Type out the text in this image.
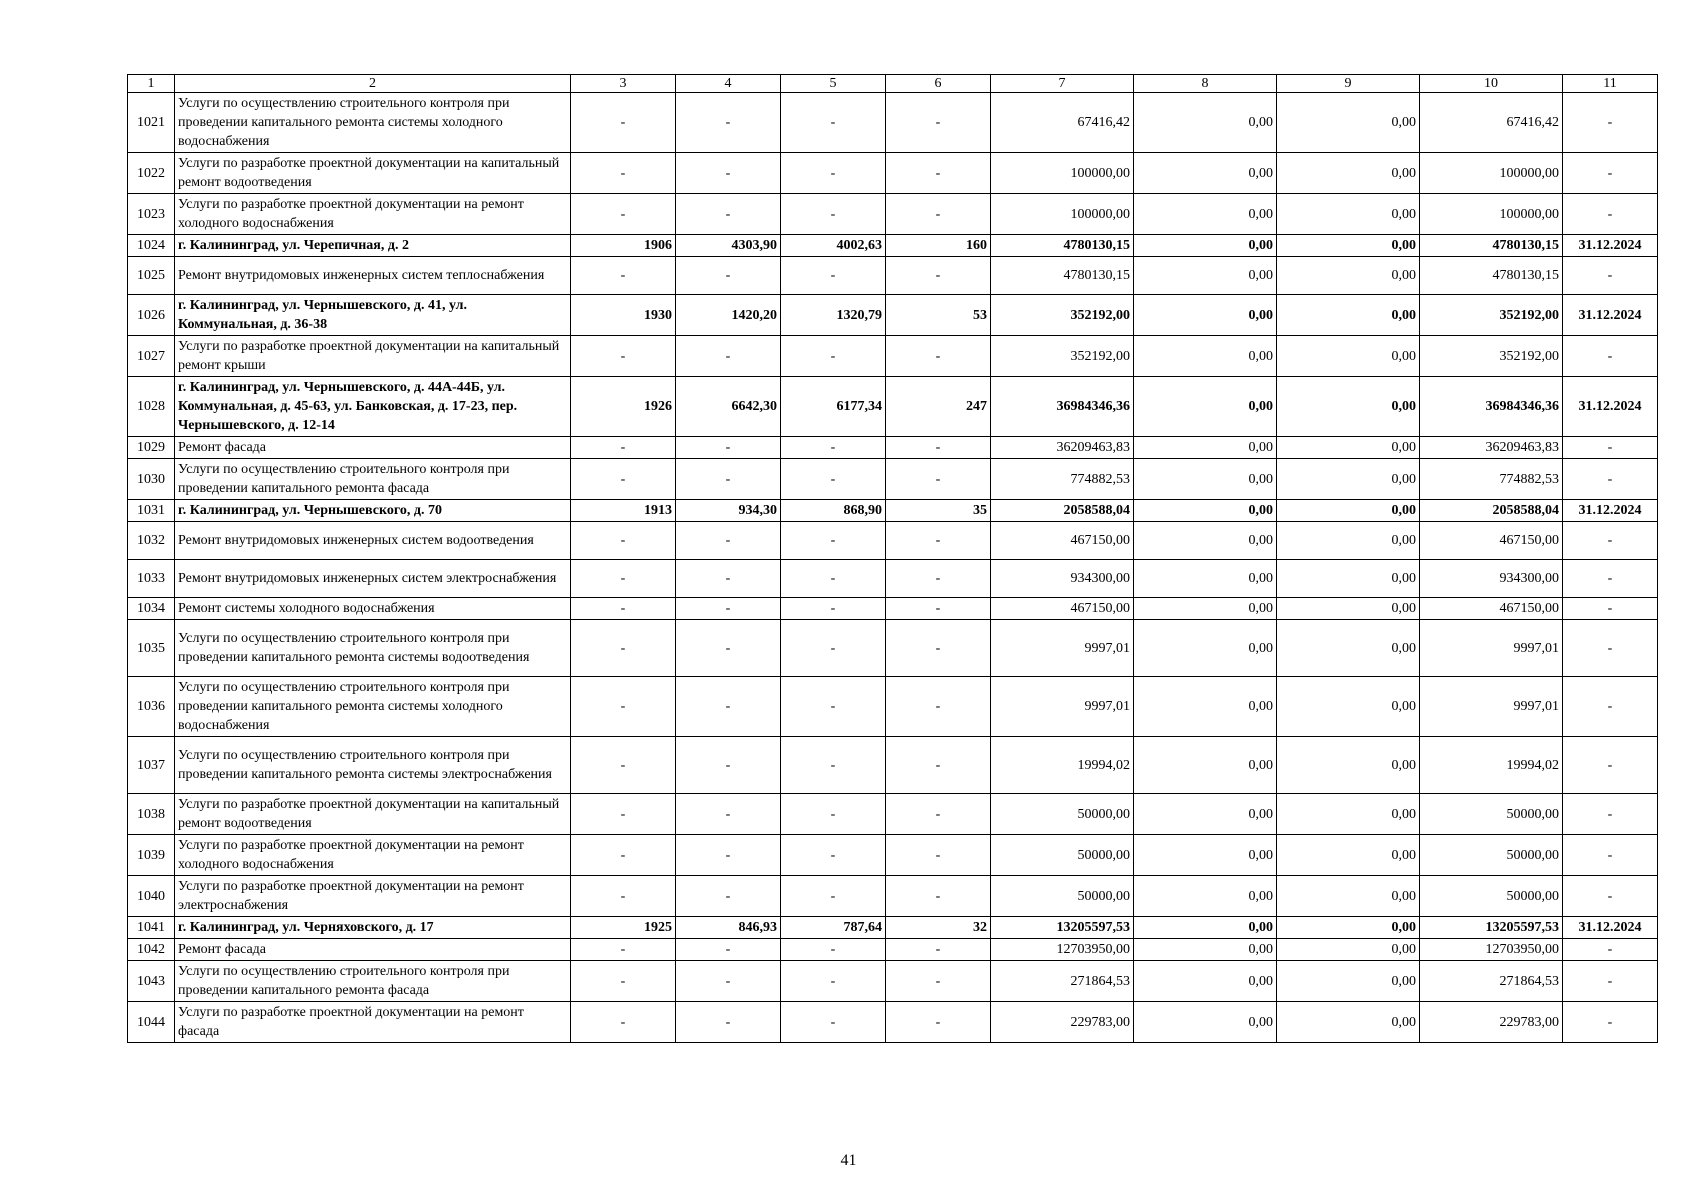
1	2	3	4	5	6	7	8	9	10	11
1021	Услуги по осуществлению строительного контроля при проведении капитального ремонта системы холодного водоснабжения	-	-	-	-	67416,42	0,00	0,00	67416,42	-
1022	Услуги по разработке проектной документации на капитальный ремонт водоотведения	-	-	-	-	100000,00	0,00	0,00	100000,00	-
1023	Услуги по разработке проектной документации на ремонт холодного водоснабжения	-	-	-	-	100000,00	0,00	0,00	100000,00	-
1024	г. Калининград, ул. Черепичная, д. 2	1906	4303,90	4002,63	160	4780130,15	0,00	0,00	4780130,15	31.12.2024
1025	Ремонт внутридомовых инженерных систем теплоснабжения	-	-	-	-	4780130,15	0,00	0,00	4780130,15	-
1026	г. Калининград, ул. Чернышевского, д. 41, ул. Коммунальная, д. 36-38	1930	1420,20	1320,79	53	352192,00	0,00	0,00	352192,00	31.12.2024
1027	Услуги по разработке проектной документации на капитальный ремонт крыши	-	-	-	-	352192,00	0,00	0,00	352192,00	-
1028	г. Калининград, ул. Чернышевского, д. 44А-44Б, ул. Коммунальная, д. 45-63, ул. Банковская, д. 17-23, пер. Чернышевского, д. 12-14	1926	6642,30	6177,34	247	36984346,36	0,00	0,00	36984346,36	31.12.2024
1029	Ремонт фасада	-	-	-	-	36209463,83	0,00	0,00	36209463,83	-
1030	Услуги по осуществлению строительного контроля при проведении капитального ремонта фасада	-	-	-	-	774882,53	0,00	0,00	774882,53	-
1031	г. Калининград, ул. Чернышевского, д. 70	1913	934,30	868,90	35	2058588,04	0,00	0,00	2058588,04	31.12.2024
1032	Ремонт внутридомовых инженерных систем водоотведения	-	-	-	-	467150,00	0,00	0,00	467150,00	-
1033	Ремонт внутридомовых инженерных систем электроснабжения	-	-	-	-	934300,00	0,00	0,00	934300,00	-
1034	Ремонт системы холодного водоснабжения	-	-	-	-	467150,00	0,00	0,00	467150,00	-
1035	Услуги по осуществлению строительного контроля при проведении капитального ремонта системы водоотведения	-	-	-	-	9997,01	0,00	0,00	9997,01	-
1036	Услуги по осуществлению строительного контроля при проведении капитального ремонта системы холодного водоснабжения	-	-	-	-	9997,01	0,00	0,00	9997,01	-
1037	Услуги по осуществлению строительного контроля при проведении капитального ремонта системы электроснабжения	-	-	-	-	19994,02	0,00	0,00	19994,02	-
1038	Услуги по разработке проектной документации на капитальный ремонт водоотведения	-	-	-	-	50000,00	0,00	0,00	50000,00	-
1039	Услуги по разработке проектной документации на ремонт холодного водоснабжения	-	-	-	-	50000,00	0,00	0,00	50000,00	-
1040	Услуги по разработке проектной документации на ремонт электроснабжения	-	-	-	-	50000,00	0,00	0,00	50000,00	-
1041	г. Калининград, ул. Черняховского, д. 17	1925	846,93	787,64	32	13205597,53	0,00	0,00	13205597,53	31.12.2024
1042	Ремонт фасада	-	-	-	-	12703950,00	0,00	0,00	12703950,00	-
1043	Услуги по осуществлению строительного контроля при проведении капитального ремонта фасада	-	-	-	-	271864,53	0,00	0,00	271864,53	-
1044	Услуги по разработке проектной документации на ремонт фасада	-	-	-	-	229783,00	0,00	0,00	229783,00	-
41
